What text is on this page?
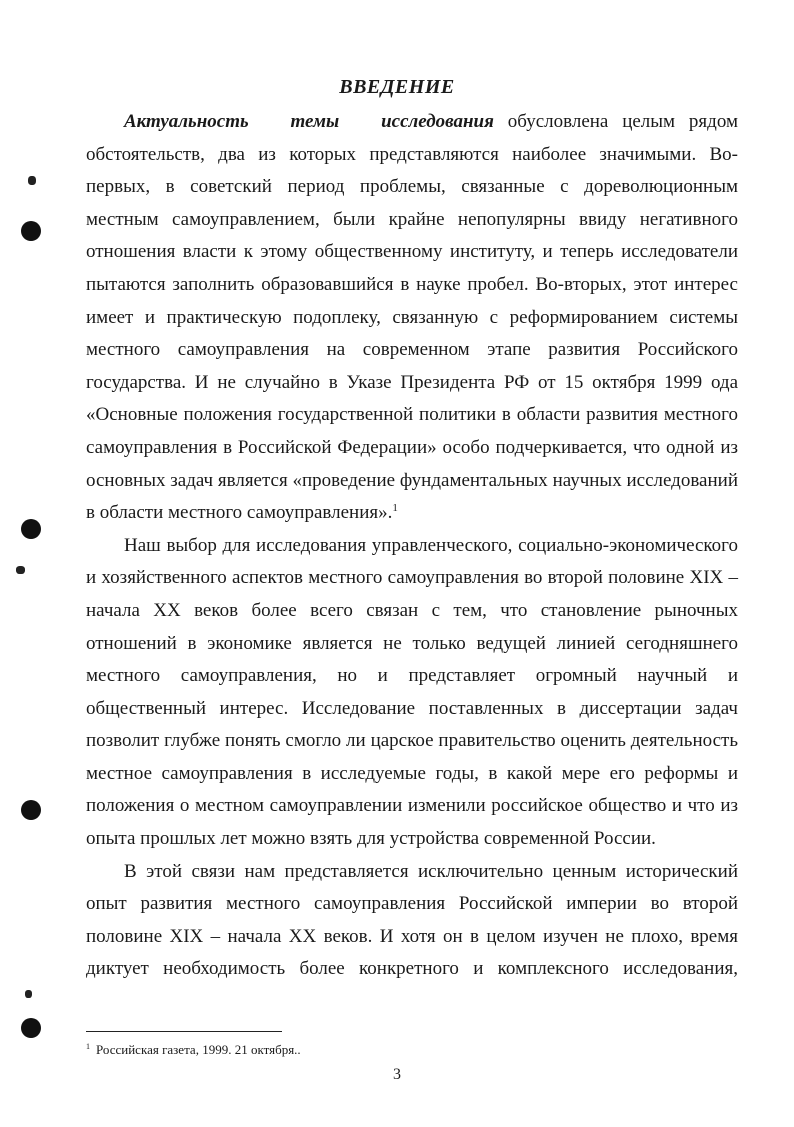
ВВЕДЕНИЕ

Актуальность темы исследования обусловлена целым рядом обстоятельств, два из которых представляются наиболее значимыми. Во-первых, в советский период проблемы, связанные с дореволюционным местным самоуправлением, были крайне непопулярны ввиду негативного отношения власти к этому общественному институту, и теперь исследователи пытаются заполнить образовавшийся в науке пробел. Во-вторых, этот интерес имеет и практическую подоплеку, связанную с реформированием системы местного самоуправления на современном этапе развития Российского государства. И не случайно в Указе Президента РФ от 15 октября 1999 ода «Основные положения государственной политики в области развития местного самоуправления в Российской Федерации» особо подчеркивается, что одной из основных задач является «проведение фундаментальных научных исследований в области местного самоуправления».$^1$

Наш выбор для исследования управленческого, социально-экономического и хозяйственного аспектов местного самоуправления во второй половине XIX – начала XX веков более всего связан с тем, что становление рыночных отношений в экономике является не только ведущей линией сегодняшнего местного самоуправления, но и представляет огромный научный и общественный интерес. Исследование поставленных в диссертации задач позволит глубже понять смогло ли царское правительство оценить деятельность местное самоуправления в исследуемые годы, в какой мере его реформы и положения о местном самоуправлении изменили российское общество и что из опыта прошлых лет можно взять для устройства современной России.

В этой связи нам представляется исключительно ценным исторический опыт развития местного самоуправления Российской империи во второй половине XIX – начала XX веков. И хотя он в целом изучен не плохо, время диктует необходимость более конкретного и комплексного исследования,

$^1$ Российская газета, 1999. 21 октября..
3
